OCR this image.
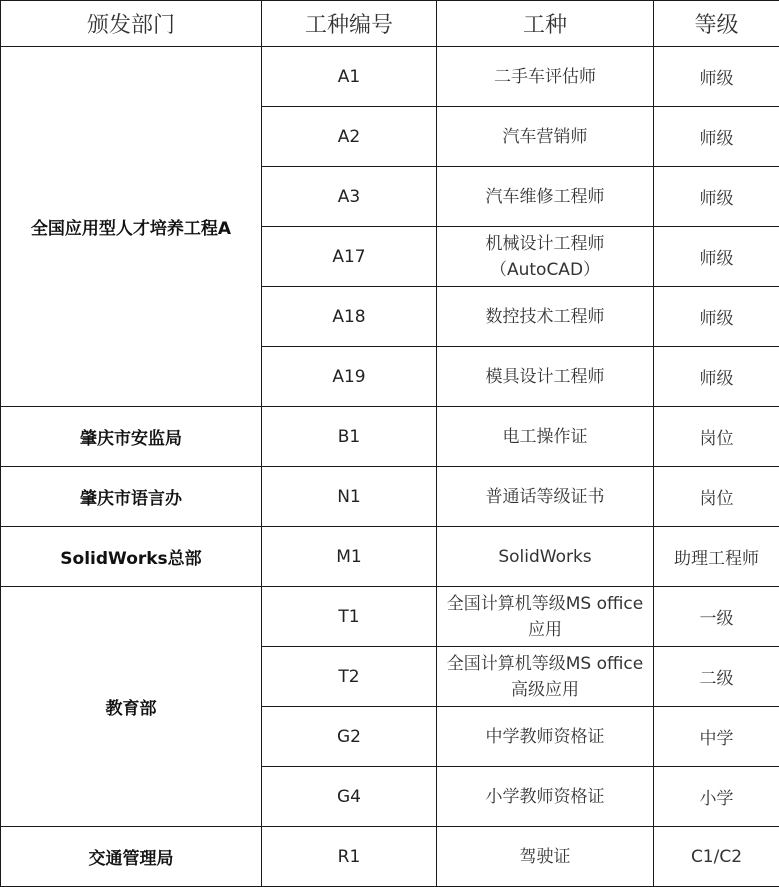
颁发部门	工种编号	工种	等级
全国应用型人才培养工程A	A1	二手车评估师	师级
	A2	汽车营销师	师级
	A3	汽车维修工程师	师级
	A17	机械设计工程师（AutoCAD）	师级
	A18	数控技术工程师	师级
	A19	模具设计工程师	师级
肇庆市安监局	B1	电工操作证	岗位
肇庆市语言办	N1	普通话等级证书	岗位
SolidWorks总部	M1	SolidWorks	助理工程师
教育部	T1	全国计算机等级MS office应用	一级
	T2	全国计算机等级MS office高级应用	二级
	G2	中学教师资格证	中学
	G4	小学教师资格证	小学
交通管理局	R1	驾驶证	C1/C2
